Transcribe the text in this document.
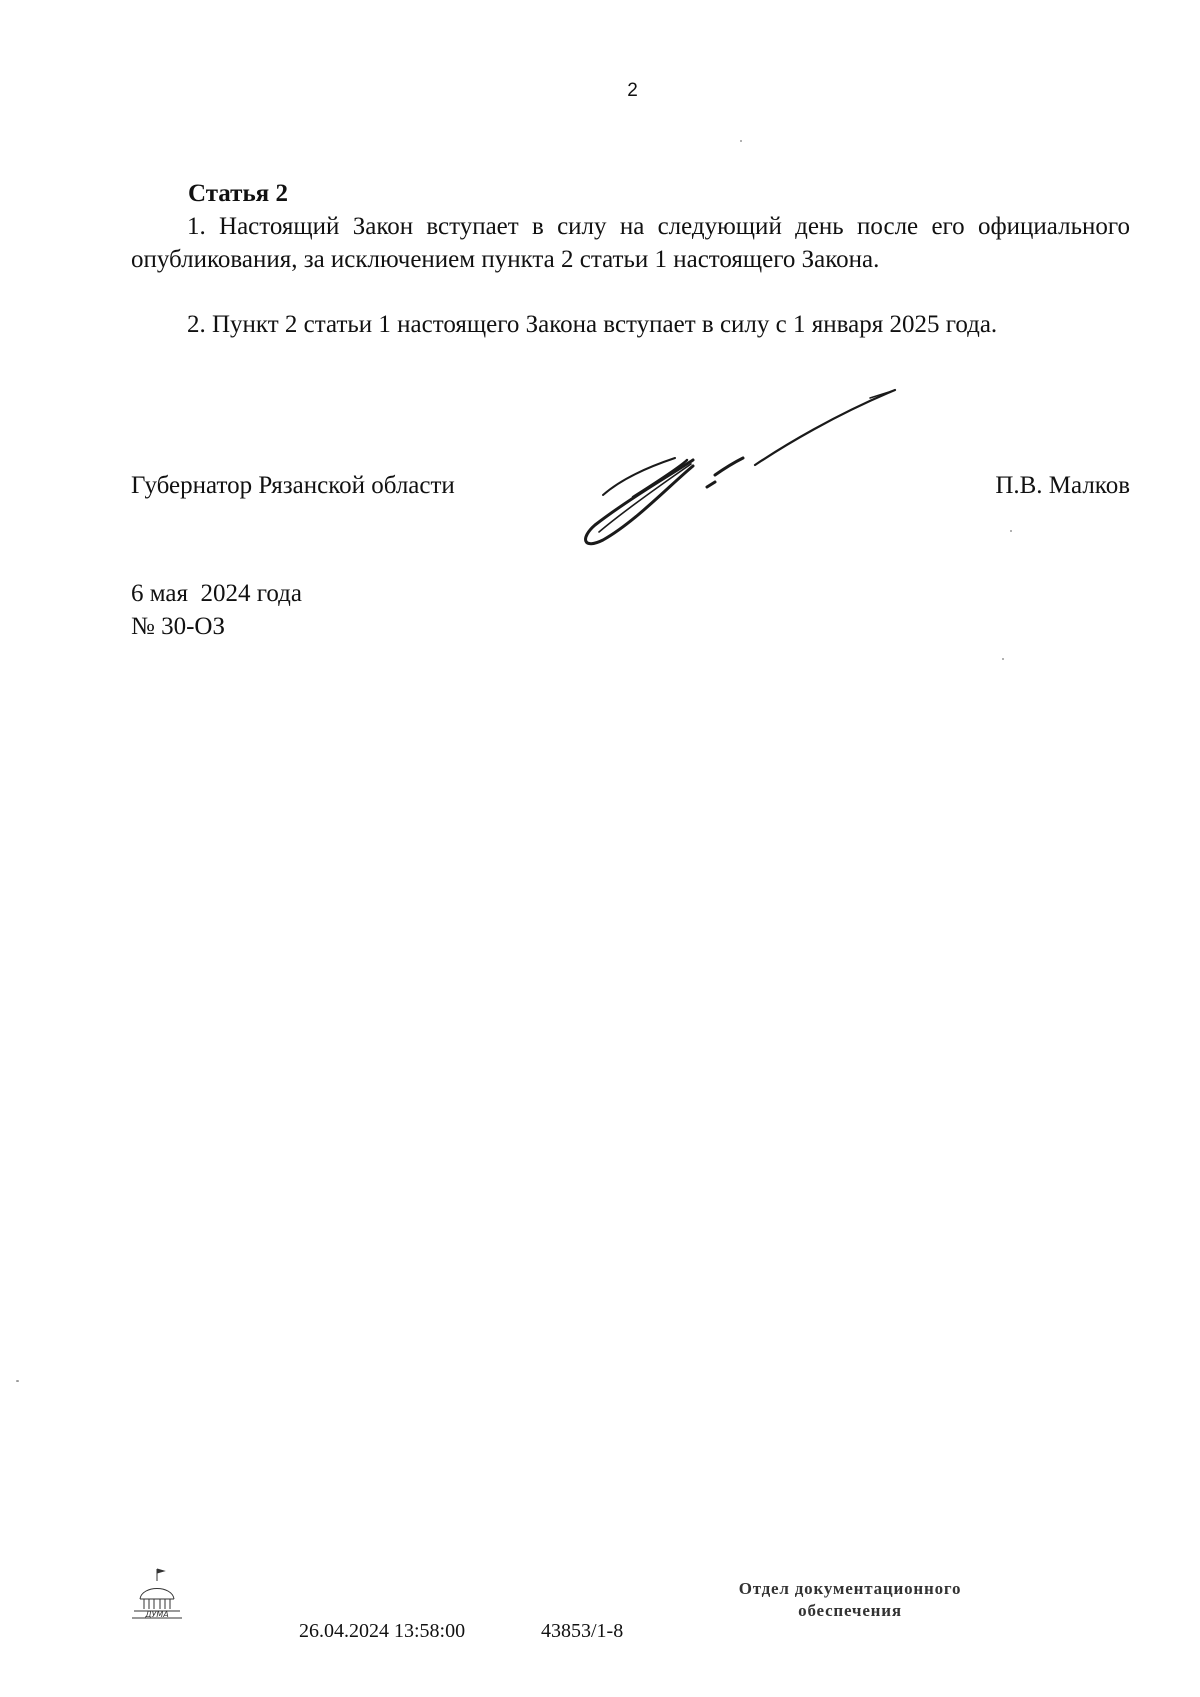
2
Статья 2
1. Настоящий Закон вступает в силу на следующий день после его официального опубликования, за исключением пункта 2 статьи 1 настоящего Закона.
2. Пункт 2 статьи 1 настоящего Закона вступает в силу с 1 января 2025 года.
Губернатор Рязанской области	П.В. Малков
6 мая  2024 года
№ 30-ОЗ
ДУМА
26.04.2024 13:58:00	43853/1-8
Отдел документационного
обеспечения
